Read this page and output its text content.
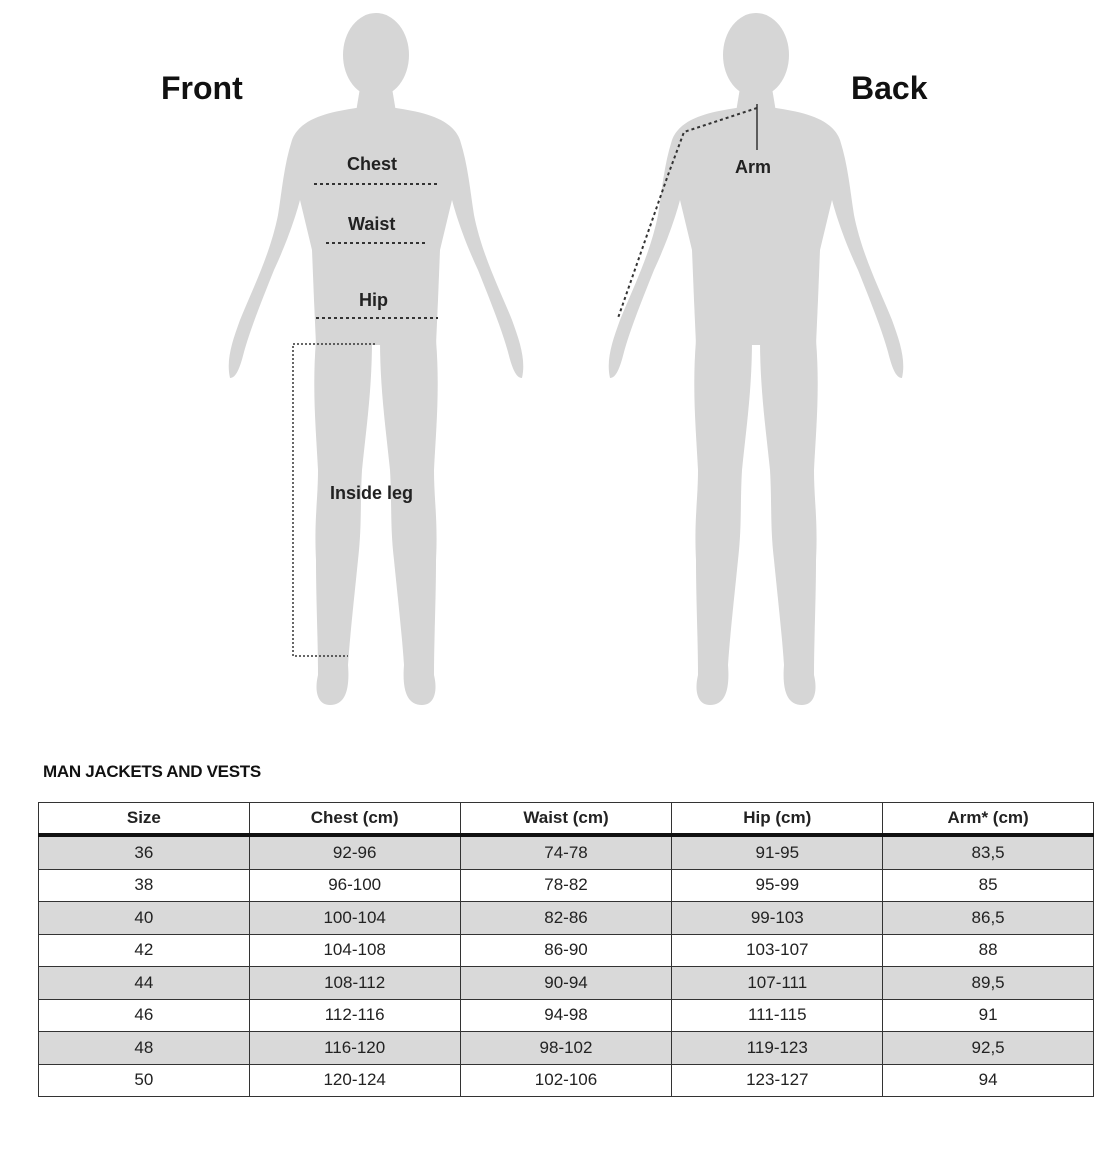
Front	Back
Chest
Waist
Hip
Inside leg
Arm
MAN JACKETS AND VESTS
Size	Chest (cm)	Waist (cm)	Hip (cm)	Arm* (cm)
36	92-96	74-78	91-95	83,5
38	96-100	78-82	95-99	85
40	100-104	82-86	99-103	86,5
42	104-108	86-90	103-107	88
44	108-112	90-94	107-111	89,5
46	112-116	94-98	111-115	91
48	116-120	98-102	119-123	92,5
50	120-124	102-106	123-127	94
